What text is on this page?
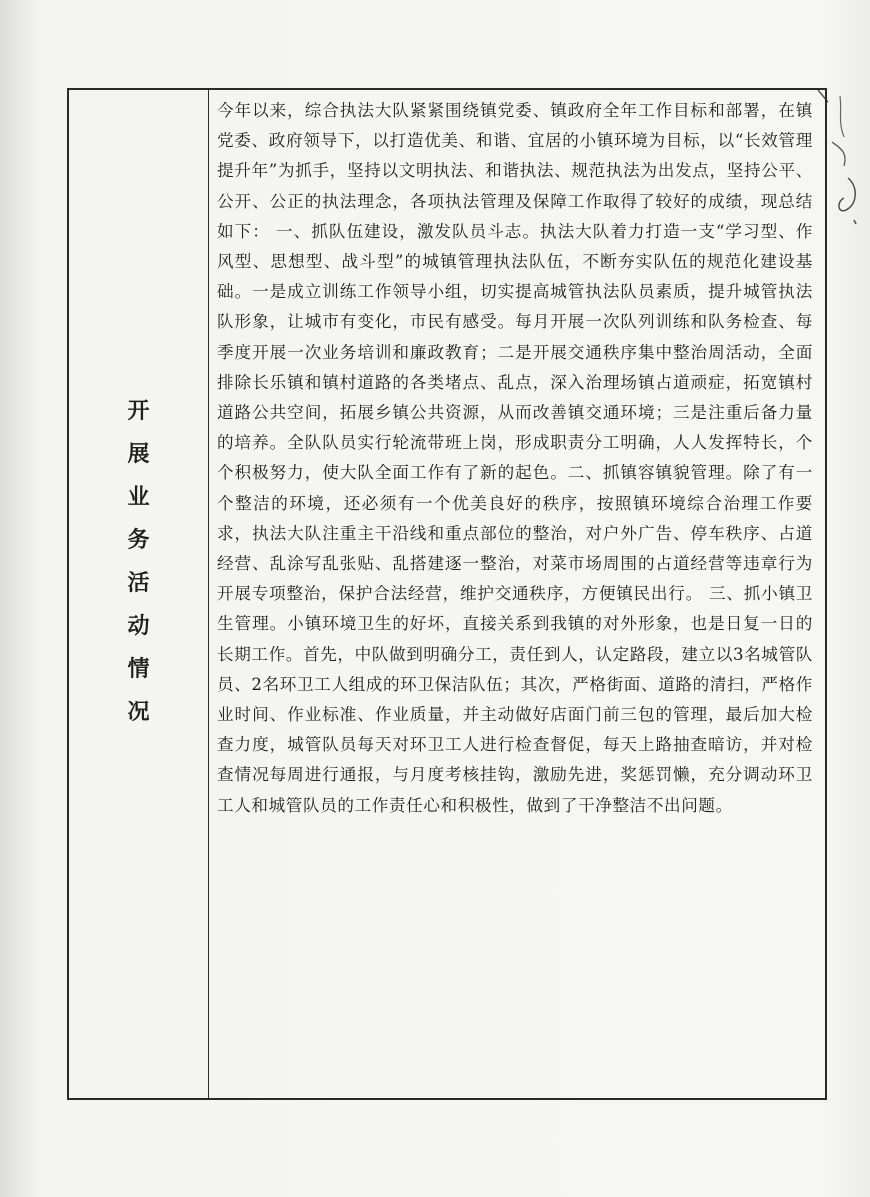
开
展
业
务
活
动
情
况

今年以来，综合执法大队紧紧围绕镇党委、镇政府全年工作目标和部署，在镇党委、政府领导下，以打造优美、和谐、宜居的小镇环境为目标，以“长效管理提升年”为抓手，坚持以文明执法、和谐执法、规范执法为出发点，坚持公平、公开、公正的执法理念，各项执法管理及保障工作取得了较好的成绩，现总结如下： 一、抓队伍建设，激发队员斗志。执法大队着力打造一支“学习型、作风型、思想型、战斗型”的城镇管理执法队伍，不断夯实队伍的规范化建设基础。一是成立训练工作领导小组，切实提高城管执法队员素质，提升城管执法队形象，让城市有变化，市民有感受。每月开展一次队列训练和队务检查、每季度开展一次业务培训和廉政教育；二是开展交通秩序集中整治周活动，全面排除长乐镇和镇村道路的各类堵点、乱点，深入治理场镇占道顽症，拓宽镇村道路公共空间，拓展乡镇公共资源，从而改善镇交通环境；三是注重后备力量的培养。全队队员实行轮流带班上岗，形成职责分工明确，人人发挥特长，个个积极努力，使大队全面工作有了新的起色。二、抓镇容镇貌管理。除了有一个整洁的环境，还必须有一个优美良好的秩序，按照镇环境综合治理工作要求，执法大队注重主干沿线和重点部位的整治，对户外广告、停车秩序、占道经营、乱涂写乱张贴、乱搭建逐一整治，对菜市场周围的占道经营等违章行为开展专项整治，保护合法经营，维护交通秩序，方便镇民出行。 三、抓小镇卫生管理。小镇环境卫生的好坏，直接关系到我镇的对外形象，也是日复一日的长期工作。首先，中队做到明确分工，责任到人，认定路段，建立以3名城管队员、2名环卫工人组成的环卫保洁队伍；其次，严格街面、道路的清扫，严格作业时间、作业标准、作业质量，并主动做好店面门前三包的管理，最后加大检查力度，城管队员每天对环卫工人进行检查督促，每天上路抽查暗访，并对检查情况每周进行通报，与月度考核挂钩，激励先进，奖惩罚懒，充分调动环卫工人和城管队员的工作责任心和积极性，做到了干净整洁不出问题。
